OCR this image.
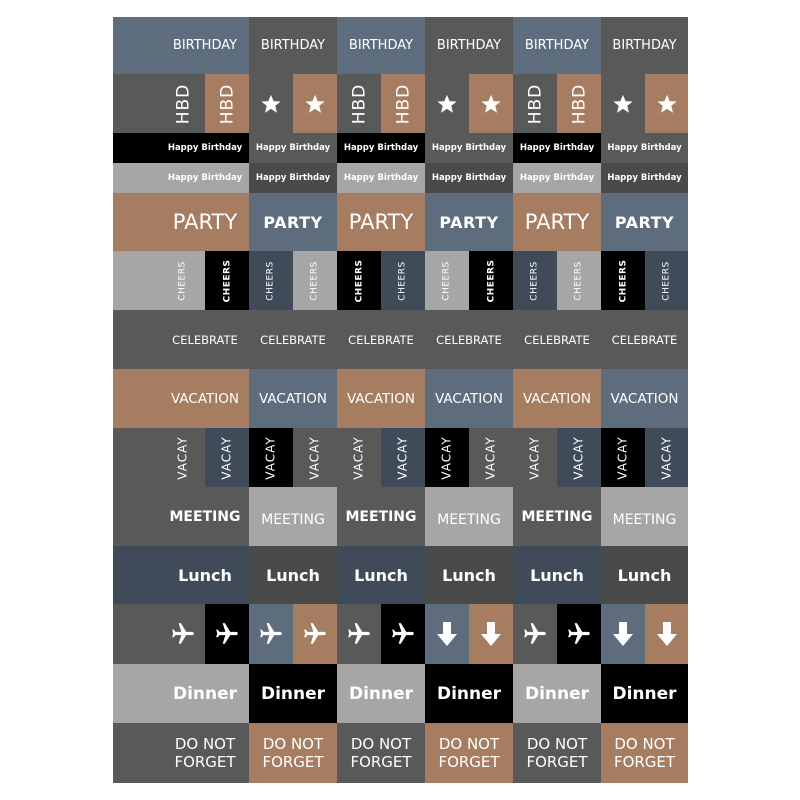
BIRTHDAY BIRTHDAY BIRTHDAY BIRTHDAY BIRTHDAY BIRTHDAY
HBD HBD	HBD HBD	HBD HBD
Happy Birthday Happy Birthday Happy Birthday Happy Birthday Happy Birthday Happy Birthday
Happy Birthday Happy Birthday Happy Birthday Happy Birthday Happy Birthday Happy Birthday
PARTY PARTY PARTY PARTY PARTY PARTY
CHEERS	CHEERS	CHEERS	CHEERS	CHEERS	CHEERS	CHEERS	CHEERS	CHEERS	CHEERS	CHEERS	CHEERS
CELEBRATE CELEBRATE CELEBRATE CELEBRATE CELEBRATE CELEBRATE
VACATION VACATION VACATION VACATION VACATION VACATION
VACAY	VACAY	VACAY	VACAY	VACAY	VACAY	VACAY	VACAY	VACAY	VACAY	VACAY VACAY
MEETING MEETING MEETING MEETING MEETING MEETING
Lunch Lunch Lunch Lunch Lunch Lunch
Dinner Dinner Dinner Dinner Dinner Dinner
DO NOT FORGET
DO NOT FORGET
DO NOT FORGET
DO NOT FORGET
DO NOT FORGET
DO NOT FORGET
